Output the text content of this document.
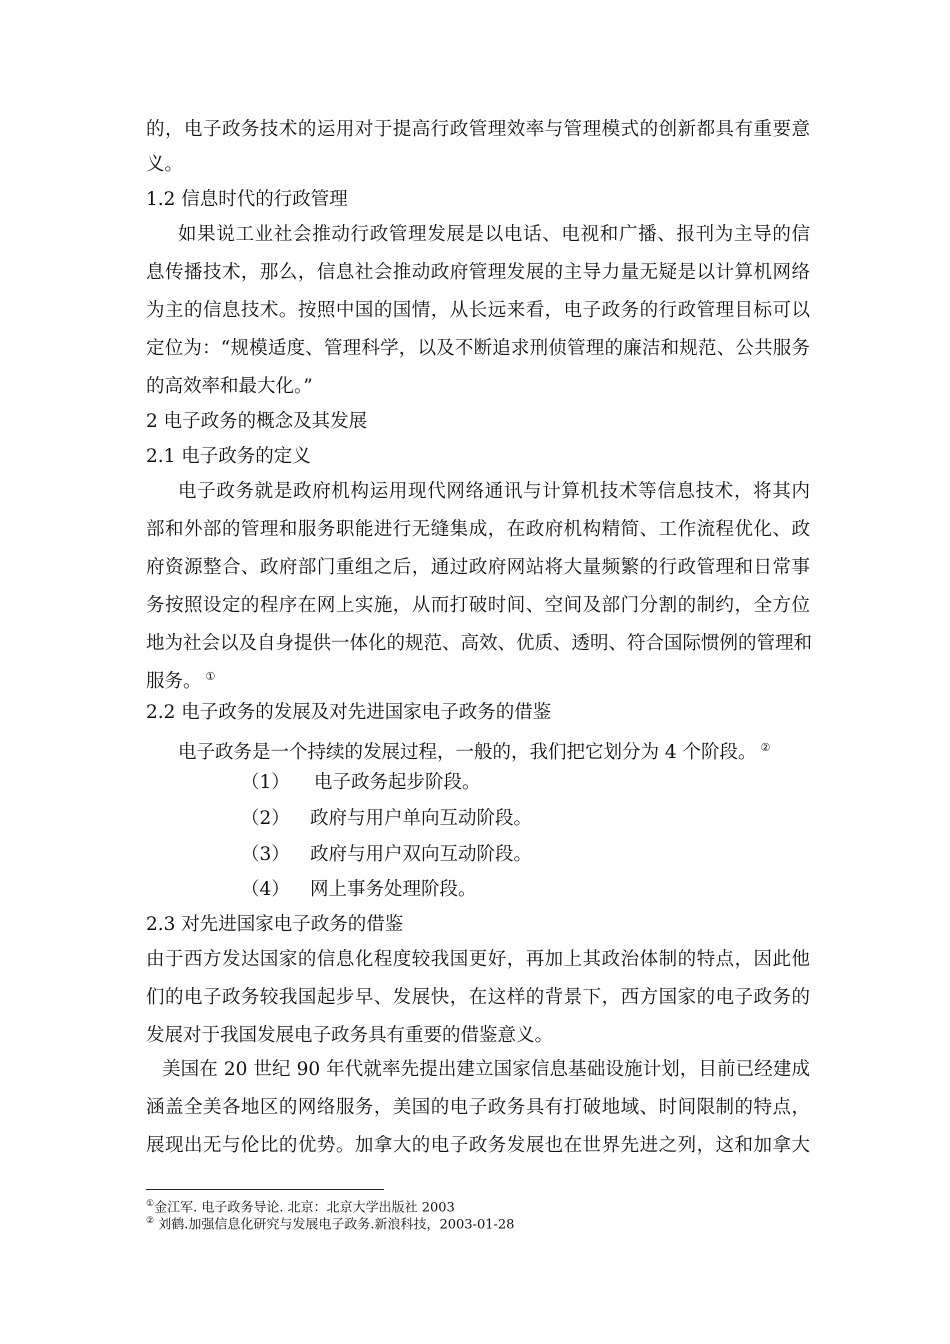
的，电子政务技术的运用对于提高行政管理效率与管理模式的创新都具有重要意
义。
1.2 信息时代的行政管理
如果说工业社会推动行政管理发展是以电话、电视和广播、报刊为主导的信
息传播技术，那么，信息社会推动政府管理发展的主导力量无疑是以计算机网络
为主的信息技术。按照中国的国情，从长远来看，电子政务的行政管理目标可以
定位为：“规模适度、管理科学，以及不断追求刑侦管理的廉洁和规范、公共服务
的高效率和最大化。”
2 电子政务的概念及其发展
2.1 电子政务的定义
电子政务就是政府机构运用现代网络通讯与计算机技术等信息技术，将其内
部和外部的管理和服务职能进行无缝集成，在政府机构精简、工作流程优化、政
府资源整合、政府部门重组之后，通过政府网站将大量频繁的行政管理和日常事
务按照设定的程序在网上实施，从而打破时间、空间及部门分割的制约，全方位
地为社会以及自身提供一体化的规范、高效、优质、透明、符合国际惯例的管理和
服务。 ①
2.2 电子政务的发展及对先进国家电子政务的借鉴
电子政务是一个持续的发展过程，一般的，我们把它划分为 4 个阶段。 ②
（1） 电子政务起步阶段。
（2） 政府与用户单向互动阶段。
（3） 政府与用户双向互动阶段。
（4） 网上事务处理阶段。
2.3 对先进国家电子政务的借鉴
由于西方发达国家的信息化程度较我国更好，再加上其政治体制的特点，因此他
们的电子政务较我国起步早、发展快，在这样的背景下，西方国家的电子政务的
发展对于我国发展电子政务具有重要的借鉴意义。
美国在 20 世纪 90 年代就率先提出建立国家信息基础设施计划，目前已经建成
涵盖全美各地区的网络服务，美国的电子政务具有打破地域、时间限制的特点，
展现出无与伦比的优势。加拿大的电子政务发展也在世界先进之列，这和加拿大
①金江军. 电子政务导论. 北京：北京大学出版社 2003
② 刘鹤.加强信息化研究与发展电子政务.新浪科技，2003-01-28
